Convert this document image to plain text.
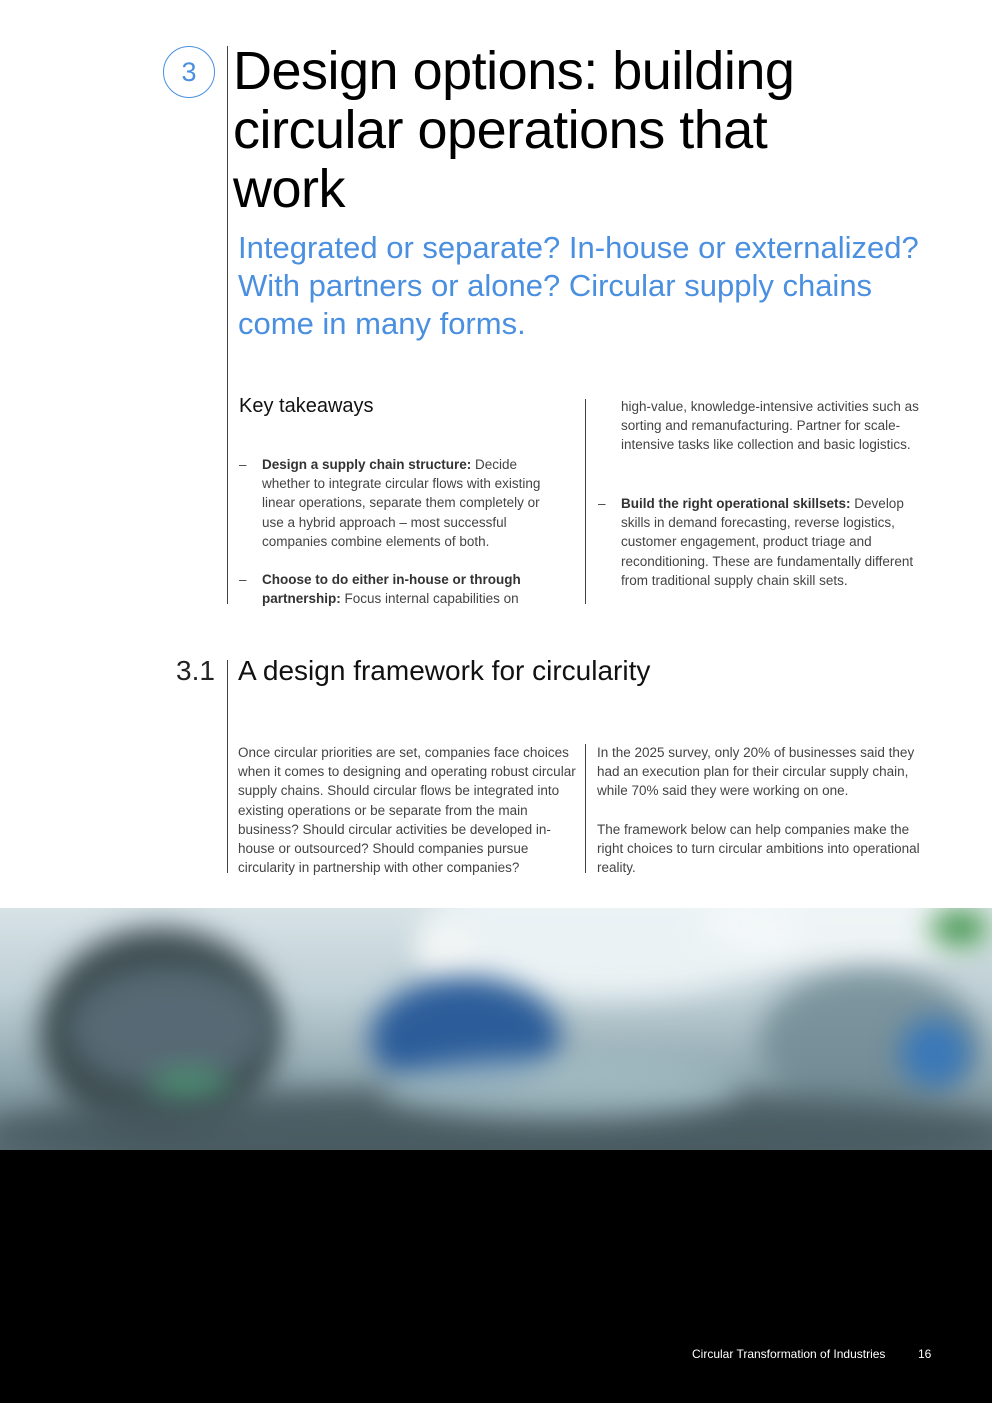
3 Design options: building circular operations that work

Integrated or separate? In-house or externalized? With partners or alone? Circular supply chains come in many forms.

Key takeaways
–	Design a supply chain structure: Decide whether to integrate circular flows with existing linear operations, separate them completely or use a hybrid approach – most successful companies combine elements of both.
–	Choose to do either in-house or through partnership: Focus internal capabilities on
high-value, knowledge-intensive activities such as sorting and remanufacturing. Partner for scale-intensive tasks like collection and basic logistics.
–	Build the right operational skillsets: Develop skills in demand forecasting, reverse logistics, customer engagement, product triage and reconditioning. These are fundamentally different from traditional supply chain skill sets.
3.1 A design framework for circularity

Once circular priorities are set, companies face choices when it comes to designing and operating robust circular supply chains. Should circular flows be integrated into existing operations or be separate from the main business? Should circular activities be developed in-house or outsourced? Should companies pursue circularity in partnership with other companies?

In the 2025 survey, only 20% of businesses said they had an execution plan for their circular supply chain, while 70% said they were working on one.

The framework below can help companies make the right choices to turn circular ambitions into operational reality.

Circular Transformation of Industries	16
